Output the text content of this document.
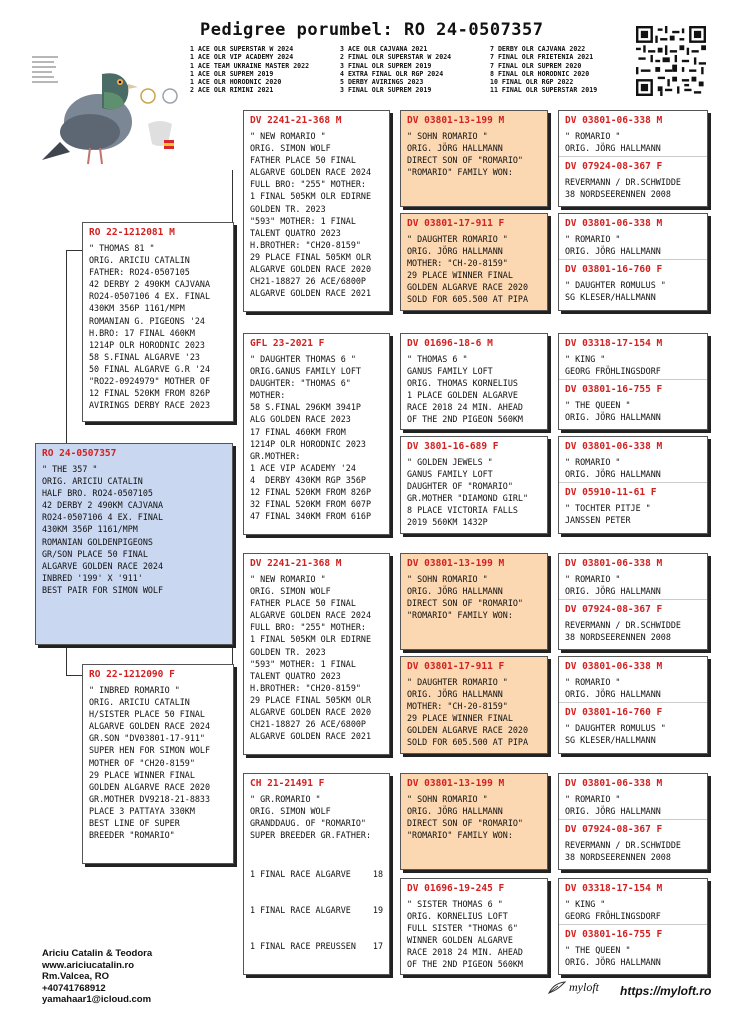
Pedigree porumbel: RO 24-0507357
1 ACE OLR SUPERSTAR W 2024	3 ACE OLR CAJVANA 2021	7 DERBY OLR CAJVANA 2022
1 ACE OLR VIP ACADEMY 2024	2 FINAL OLR SUPERSTAR W 2024	7 FINAL OLR FRIETENIA 2021
1 ACE TEAM UKRAINE MASTER 2022	3 FINAL OLR SUPREM 2019	7 FINAL OLR SUPREM 2020
1 ACE OLR SUPREM 2019	4 EXTRA FINAL OLR RGP 2024	8 FINAL OLR HORODNIC 2020
1 ACE OLR HORODNIC 2020	5 DERBY AVIRINGS 2023	10 FINAL OLR RGP 2022
2 ACE OLR RIMINI 2021	3 FINAL OLR SUPREM 2019	11 FINAL OLR SUPERSTAR 2019
RO 24-0507357
" THE 357 "
ORIG. ARICIU CATALIN
HALF BRO. RO24-0507105
42 DERBY 2 490KM CAJVANA
RO24-0507106 4 EX. FINAL
430KM 356P 1161/MPM
ROMANIAN GOLDENPIGEONS
GR/SON PLACE 50 FINAL
ALGARVE GOLDEN RACE 2024
INBRED '199' X '911'
BEST PAIR FOR SIMON WOLF
RO 22-1212081 M
" THOMAS 81 "
ORIG. ARICIU CATALIN
FATHER: RO24-0507105
42 DERBY 2 490KM CAJVANA
RO24-0507106 4 EX. FINAL
430KM 356P 1161/MPM
ROMANIAN G. PIGEONS '24
H.BRO: 17 FINAL 460KM
1214P OLR HORODNIC 2023
58 S.FINAL ALGARVE '23
50 FINAL ALGARVE G.R '24
"RO22-0924979" MOTHER OF
12 FINAL 520KM FROM 826P
AVIRINGS DERBY RACE 2023
RO 22-1212090 F
" INBRED ROMARIO "
ORIG. ARICIU CATALIN
H/SISTER PLACE 50 FINAL
ALGARVE GOLDEN RACE 2024
GR.SON "DV03801-17-911"
SUPER HEN FOR SIMON WOLF
MOTHER OF "CH20-8159"
29 PLACE WINNER FINAL
GOLDEN ALGARVE RACE 2020
GR.MOTHER DV9218-21-8833
PLACE 3 PATTAYA 330KM
BEST LINE OF SUPER
BREEDER "ROMARIO"
DV 2241-21-368 M
" NEW ROMARIO "
ORIG. SIMON WOLF
FATHER PLACE 50 FINAL
ALGARVE GOLDEN RACE 2024
FULL BRO: "255" MOTHER:
1 FINAL 505KM OLR EDIRNE
GOLDEN TR. 2023
"593" MOTHER: 1 FINAL
TALENT QUATRO 2023
H.BROTHER: "CH20-8159"
29 PLACE FINAL 505KM OLR
ALGARVE GOLDEN RACE 2020
CH21-18827 26 ACE/6800P
ALGARVE GOLDEN RACE 2021
GFL 23-2021 F
" DAUGHTER THOMAS 6 "
ORIG.GANUS FAMILY LOFT
DAUGHTER: "THOMAS 6"
MOTHER:
58 S.FINAL 296KM 3941P
ALG GOLDEN RACE 2023
17 FINAL 460KM FROM
1214P OLR HORODNIC 2023
GR.MOTHER:
1 ACE VIP ACADEMY '24
4  DERBY 430KM RGP 356P
12 FINAL 520KM FROM 826P
32 FINAL 520KM FROM 607P
47 FINAL 340KM FROM 616P
DV 2241-21-368 M
" NEW ROMARIO "
ORIG. SIMON WOLF
FATHER PLACE 50 FINAL
ALGARVE GOLDEN RACE 2024
FULL BRO: "255" MOTHER:
1 FINAL 505KM OLR EDIRNE
GOLDEN TR. 2023
"593" MOTHER: 1 FINAL
TALENT QUATRO 2023
H.BROTHER: "CH20-8159"
29 PLACE FINAL 505KM OLR
ALGARVE GOLDEN RACE 2020
CH21-18827 26 ACE/6800P
ALGARVE GOLDEN RACE 2021
CH 21-21491 F
" GR.ROMARIO "
ORIG. SIMON WOLF
GRANDDAUG. OF "ROMARIO"
SUPER BREEDER GR.FATHER:

1 FINAL RACE ALGARVE	18

1 FINAL RACE ALGARVE	19

1 FINAL RACE PREUSSEN 17

DV 03801-13-199 M
" SOHN ROMARIO "
ORIG. JÖRG HALLMANN
DIRECT SON OF "ROMARIO"
"ROMARIO" FAMILY WON:

DV 03801-17-911 F
" DAUGHTER ROMARIO "
ORIG. JÖRG HALLMANN
MOTHER: "CH-20-8159"
29 PLACE WINNER FINAL
GOLDEN ALGARVE RACE 2020
SOLD FOR 605.500 AT PIPA
DV 01696-18-6 M
" THOMAS 6 "
GANUS FAMILY LOFT
ORIG. THOMAS KORNELIUS
1 PLACE GOLDEN ALGARVE
RACE 2018 24 MIN. AHEAD
OF THE 2ND PIGEON 560KM
DV 3801-16-689 F
" GOLDEN JEWELS "
GANUS FAMILY LOFT
DAUGHTER OF "ROMARIO"
GR.MOTHER "DIAMOND GIRL"
8 PLACE VICTORIA FALLS
2019 560KM 1432P
DV 03801-13-199 M
" SOHN ROMARIO "
ORIG. JÖRG HALLMANN
DIRECT SON OF "ROMARIO"
"ROMARIO" FAMILY WON:

DV 03801-17-911 F
" DAUGHTER ROMARIO "
ORIG. JÖRG HALLMANN
MOTHER: "CH-20-8159"
29 PLACE WINNER FINAL
GOLDEN ALGARVE RACE 2020
SOLD FOR 605.500 AT PIPA
DV 03801-13-199 M
" SOHN ROMARIO "
ORIG. JÖRG HALLMANN
DIRECT SON OF "ROMARIO"
"ROMARIO" FAMILY WON:

DV 01696-19-245 F
" SISTER THOMAS 6 "
ORIG. KORNELIUS LOFT
FULL SISTER "THOMAS 6"
WINNER GOLDEN ALGARVE
RACE 2018 24 MIN. AHEAD
OF THE 2ND PIGEON 560KM
DV 03801-06-338 M
" ROMARIO "
ORIG. JÖRG HALLMANN
DV 07924-08-367 F
REVERMANN / DR.SCHWIDDE
38 NORDSEERENNEN 2008
DV 03801-06-338 M
" ROMARIO "
ORIG. JÖRG HALLMANN
DV 03801-16-760 F
" DAUGHTER ROMULUS "
SG KLESER/HALLMANN
DV 03318-17-154 M
" KING "
GEORG FRÖHLINGSDORF
DV 03801-16-755 F
" THE QUEEN "
ORIG. JÖRG HALLMANN
DV 03801-06-338 M
" ROMARIO "
ORIG. JÖRG HALLMANN
DV 05910-11-61 F
" TOCHTER PITJE "
JANSSEN PETER
DV 03801-06-338 M
" ROMARIO "
ORIG. JÖRG HALLMANN
DV 07924-08-367 F
REVERMANN / DR.SCHWIDDE
38 NORDSEERENNEN 2008
DV 03801-06-338 M
" ROMARIO "
ORIG. JÖRG HALLMANN
DV 03801-16-760 F
" DAUGHTER ROMULUS "
SG KLESER/HALLMANN
DV 03801-06-338 M
" ROMARIO "
ORIG. JÖRG HALLMANN
DV 07924-08-367 F
REVERMANN / DR.SCHWIDDE
38 NORDSEERENNEN 2008
DV 03318-17-154 M
" KING "
GEORG FRÖHLINGSDORF
DV 03801-16-755 F
" THE QUEEN "
ORIG. JÖRG HALLMANN
Ariciu Catalin & Teodora
www.ariciucatalin.ro
Rm.Valcea, RO
+40741768912
yamahaar1@icloud.com
myloft https://myloft.ro
